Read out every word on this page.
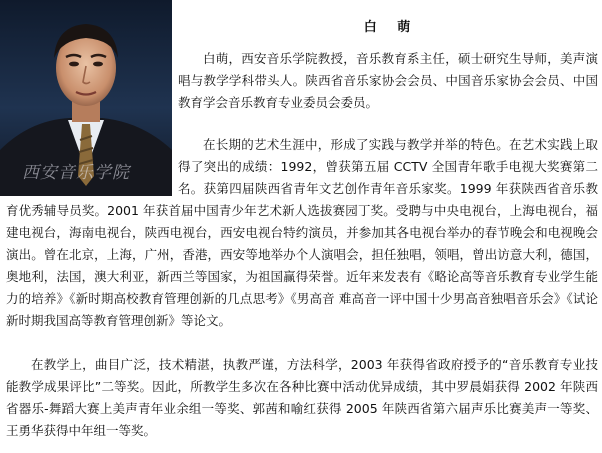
西安音乐学院
白 萌

白萌，西安音乐学院教授，音乐教育系主任，硕士研究生导师，美声演唱与教学学科带头人。陕西省音乐家协会会员、中国音乐家协会会员、中国教育学会音乐教育专业委员会委员。

在长期的艺术生涯中，形成了实践与教学并举的特色。在艺术实践上取得了突出的成绩：1992，曾获第五届 CCTV 全国青年歌手电视大奖赛第二名。获第四届陕西省青年文艺创作青年音乐家奖。1999 年获陕西省音乐教育优秀辅导员奖。2001 年获首届中国青少年艺术新人选拔赛园丁奖。受聘与中央电视台，上海电视台，福建电视台，海南电视台，陕西电视台，西安电视台特约演员，并参加其各电视台举办的春节晚会和电视晚会演出。曾在北京，上海，广州，香港，西安等地举办个人演唱会，担任独唱，领唱，曾出访意大利，德国，奥地利，法国，澳大利亚，新西兰等国家，为祖国赢得荣誉。近年来发表有《略论高等音乐教育专业学生能力的培养》《新时期高校教育管理创新的几点思考》《男高音 难高音一评中国十少男高音独唱音乐会》《试论新时期我国高等教育管理创新》等论文。

在教学上，曲目广泛，技术精湛，执教严谨，方法科学，2003 年获得省政府授予的“音乐教育专业技能教学成果评比”二等奖。因此，所教学生多次在各种比赛中活动优异成绩，其中罗晨娟获得 2002 年陕西省器乐-舞蹈大赛上美声青年业余组一等奖、郭茜和喻红获得 2005 年陕西省第六届声乐比赛美声一等奖、王勇华获得中年组一等奖。
